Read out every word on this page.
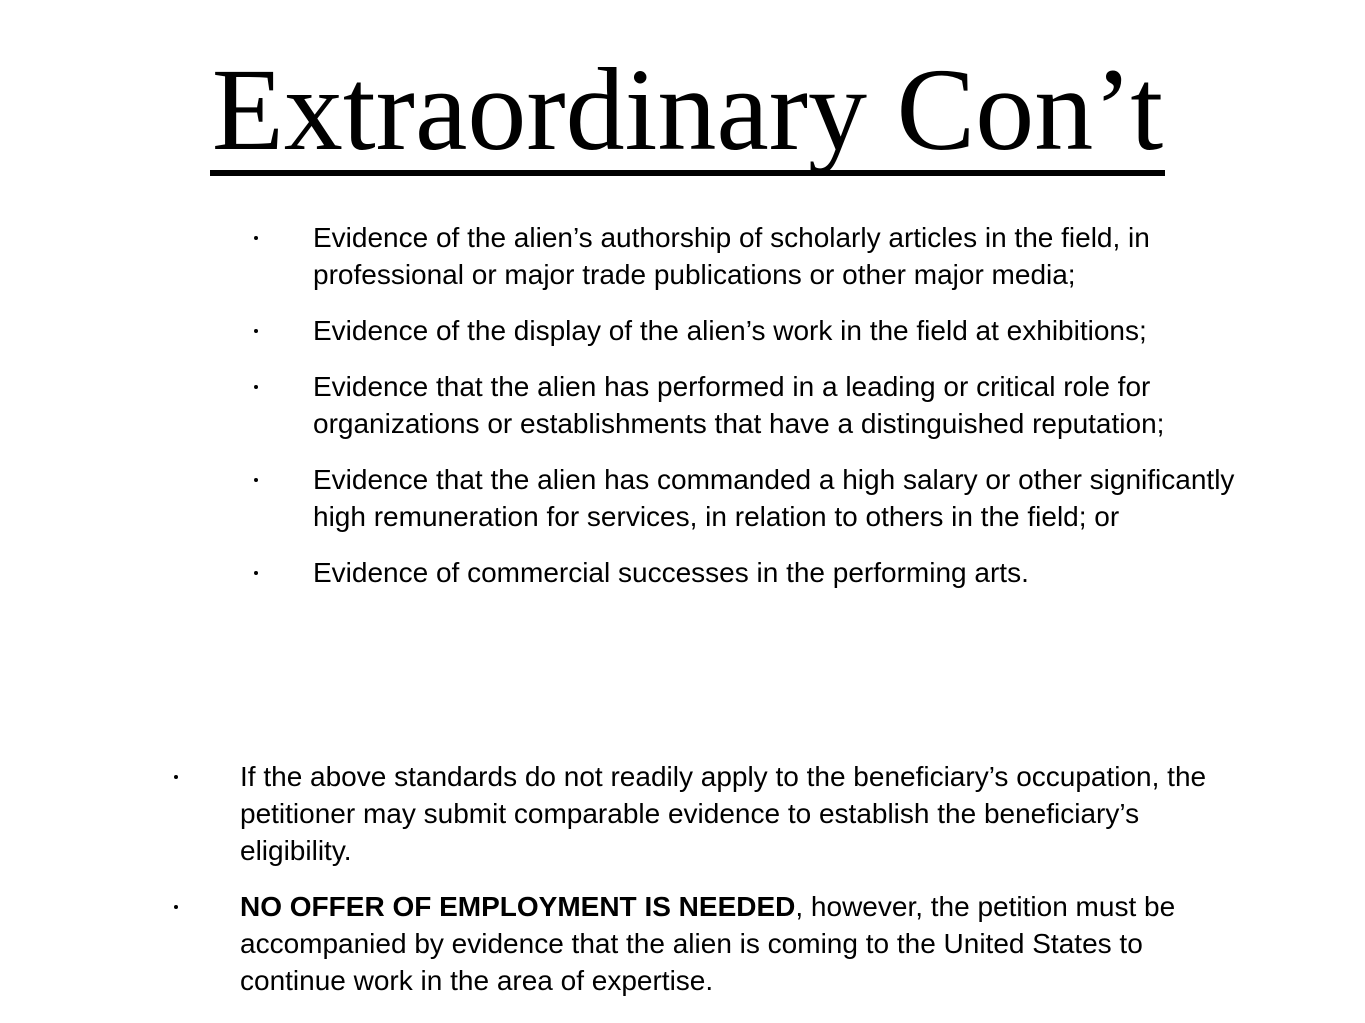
Extraordinary Con’t
Evidence of the alien’s authorship of scholarly articles in the field, in professional or major trade publications or other major media;
Evidence of the display of the alien’s work in the field at exhibitions;
Evidence that the alien has performed in a leading or critical role for organizations or establishments that have a distinguished reputation;
Evidence that the alien has commanded a high salary or other significantly high remuneration for services, in relation to others in the field; or
Evidence of commercial successes in the performing arts.
If the above standards do not readily apply to the beneficiary’s occupation, the petitioner may submit comparable evidence to establish the beneficiary’s eligibility.
NO OFFER OF EMPLOYMENT IS NEEDED, however, the petition must be accompanied by evidence that the alien is coming to the United States to continue work in the area of expertise.
